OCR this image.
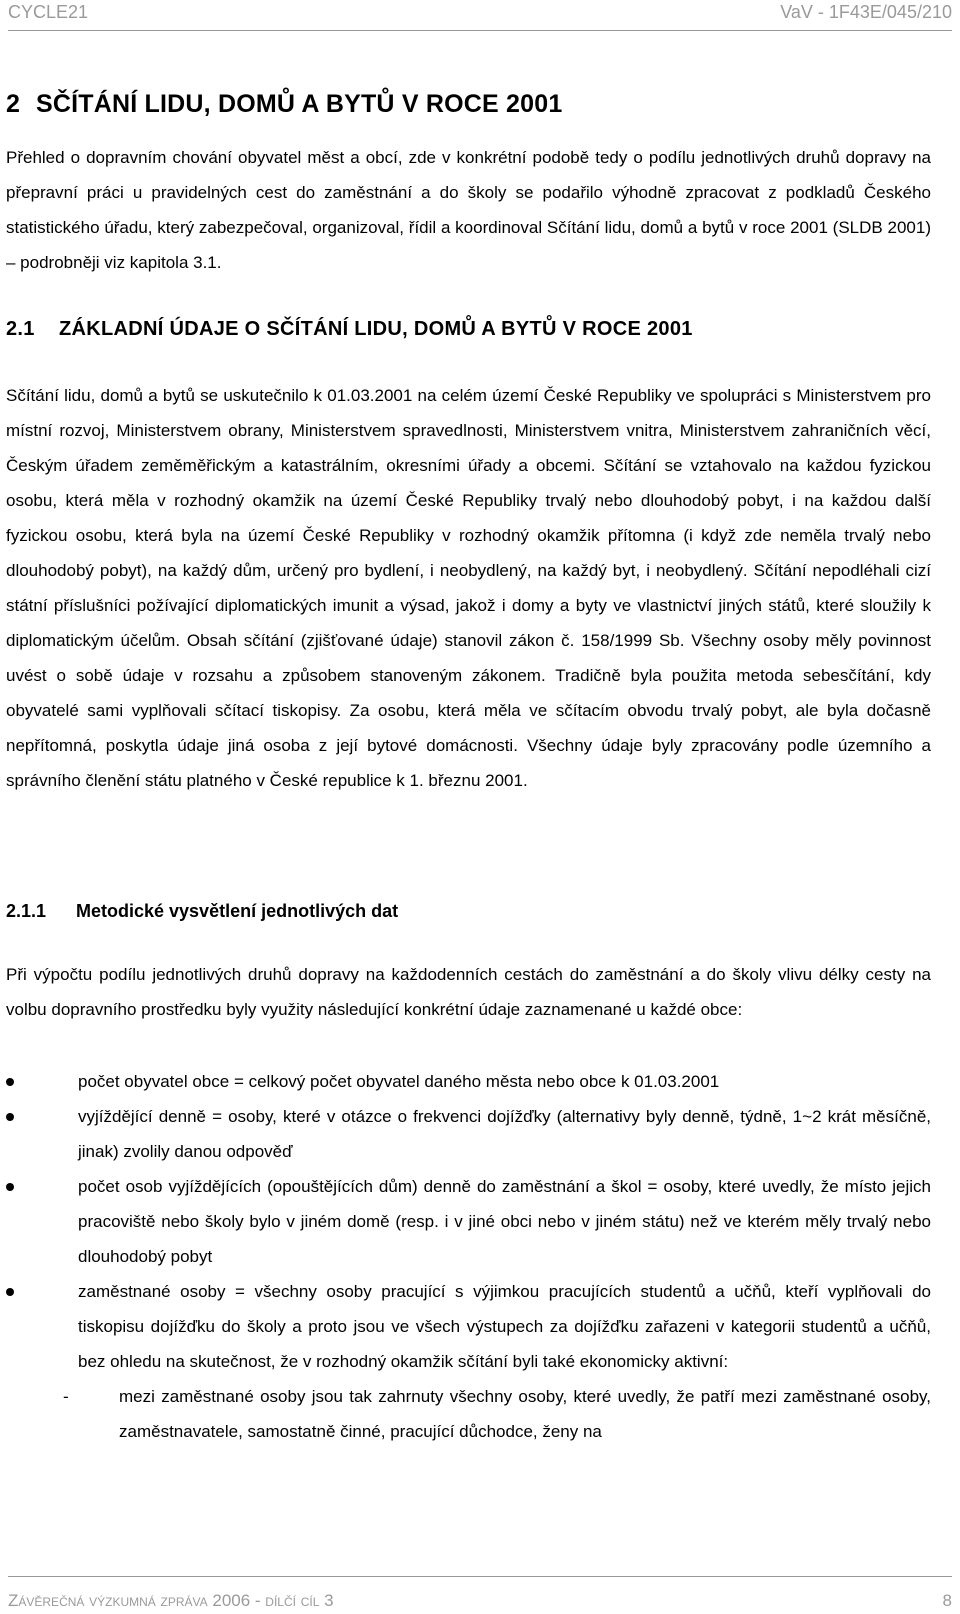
CYCLE21	VaV - 1F43E/045/210
2 SČÍTÁNÍ LIDU, DOMŮ A BYTŮ V ROCE 2001

Přehled o dopravním chování obyvatel měst a obcí, zde v konkrétní podobě tedy o podílu jednotlivých druhů dopravy na přepravní práci u pravidelných cest do zaměstnání a do školy se podařilo výhodně zpracovat z podkladů Českého statistického úřadu, který zabezpečoval, organizoval, řídil a koordinoval Sčítání lidu, domů a bytů v roce 2001 (SLDB 2001) – podrobněji viz kapitola 3.1.

2.1 ZÁKLADNÍ ÚDAJE O SČÍTÁNÍ LIDU, DOMŮ A BYTŮ V ROCE 2001

Sčítání lidu, domů a bytů se uskutečnilo k 01.03.2001 na celém území České Republiky ve spolupráci s Ministerstvem pro místní rozvoj, Ministerstvem obrany, Ministerstvem spravedlnosti, Ministerstvem vnitra, Ministerstvem zahraničních věcí, Českým úřadem zeměměřickým a katastrálním, okresními úřady a obcemi. Sčítání se vztahovalo na každou fyzickou osobu, která měla v rozhodný okamžik na území České Republiky trvalý nebo dlouhodobý pobyt, i na každou další fyzickou osobu, která byla na území České Republiky v rozhodný okamžik přítomna (i když zde neměla trvalý nebo dlouhodobý pobyt), na každý dům, určený pro bydlení, i neobydlený, na každý byt, i neobydlený. Sčítání nepodléhali cizí státní příslušníci požívající diplomatických imunit a výsad, jakož i domy a byty ve vlastnictví jiných států, které sloužily k diplomatickým účelům. Obsah sčítání (zjišťované údaje) stanovil zákon č. 158/1999 Sb. Všechny osoby měly povinnost uvést o sobě údaje v rozsahu a způsobem stanoveným zákonem. Tradičně byla použita metoda sebesčítání, kdy obyvatelé sami vyplňovali sčítací tiskopisy. Za osobu, která měla ve sčítacím obvodu trvalý pobyt, ale byla dočasně nepřítomná, poskytla údaje jiná osoba z její bytové domácnosti. Všechny údaje byly zpracovány podle územního a správního členění státu platného v České republice k 1. březnu 2001.

2.1.1 Metodické vysvětlení jednotlivých dat

Při výpočtu podílu jednotlivých druhů dopravy na každodenních cestách do zaměstnání a do školy vlivu délky cesty na volbu dopravního prostředku byly využity následující konkrétní údaje zaznamenané u každé obce:

počet obyvatel obce = celkový počet obyvatel daného města nebo obce k 01.03.2001
vyjíždějící denně = osoby, které v otázce o frekvenci dojížďky (alternativy byly denně, týdně, 1~2 krát měsíčně, jinak) zvolily danou odpověď
počet osob vyjíždějících (opouštějících dům) denně do zaměstnání a škol = osoby, které uvedly, že místo jejich pracoviště nebo školy bylo v jiném domě (resp. i v jiné obci nebo v jiném státu) než ve kterém měly trvalý nebo dlouhodobý pobyt
zaměstnané osoby = všechny osoby pracující s výjimkou pracujících studentů a učňů, kteří vyplňovali do tiskopisu dojížďku do školy a proto jsou ve všech výstupech za dojížďku zařazeni v kategorii studentů a učňů, bez ohledu na skutečnost, že v rozhodný okamžik sčítání byli také ekonomicky aktivní:
-	mezi zaměstnané osoby jsou tak zahrnuty všechny osoby, které uvedly, že patří mezi zaměstnané osoby, zaměstnavatele, samostatně činné, pracující důchodce, ženy na
Závěrečná výzkumná zpráva 2006 - dílčí cíl 3	8
